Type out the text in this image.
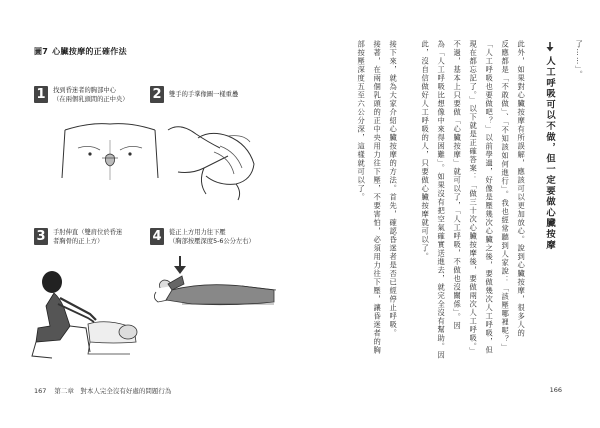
圖7 心臟按摩的正確作法
1	找到昏迷者的胸部中心
（在兩個乳頭間的正中央） 2	雙手的手掌像圖一樣重疊
3	手肘伸直（雙肩位於昏迷
者胸骨的正上方）	4	從正上方用力往下壓
（胸部按壓深度5-6公分左右）
167 第二章　對本人完全沒有好處的問題行為
了……」。
人工呼吸可以不做，但一定要做心臟按摩
此外，如果對心臟按摩有所誤解，應該可以更加放心。說到心臟按摩，很多人的
反應都是「不敢做」、「不知該如何進行」。我也經常聽到人家說：「該壓哪裡呢？」
「人工呼吸也要做吧？」以前學過，好像是壓幾次心臟之後，要做幾次人工呼吸，但
現在都忘記了。」以下就是正確答案：「做三十次心臟按摩後，要做兩次人工呼吸。」
不過，基本上只要做「心臟按摩」就可以了，「人工呼吸，不做也沒關係」。因
為「人工呼吸比想像中來得困難」。如果沒有把空氣確實送進去，就完全沒有幫助。因
此，沒自信做好人工呼吸的人，只要做心臟按摩就可以了。
接下來，就為大家介紹心臟按摩的方法。首先，確認昏迷者是否已經停止呼吸。
接著，在兩個乳頭的正中央用力往下壓，不要害怕，必須用力往下壓，讓昏迷者的胸
部按壓深度五至六公分深，這樣就可以了。
166
